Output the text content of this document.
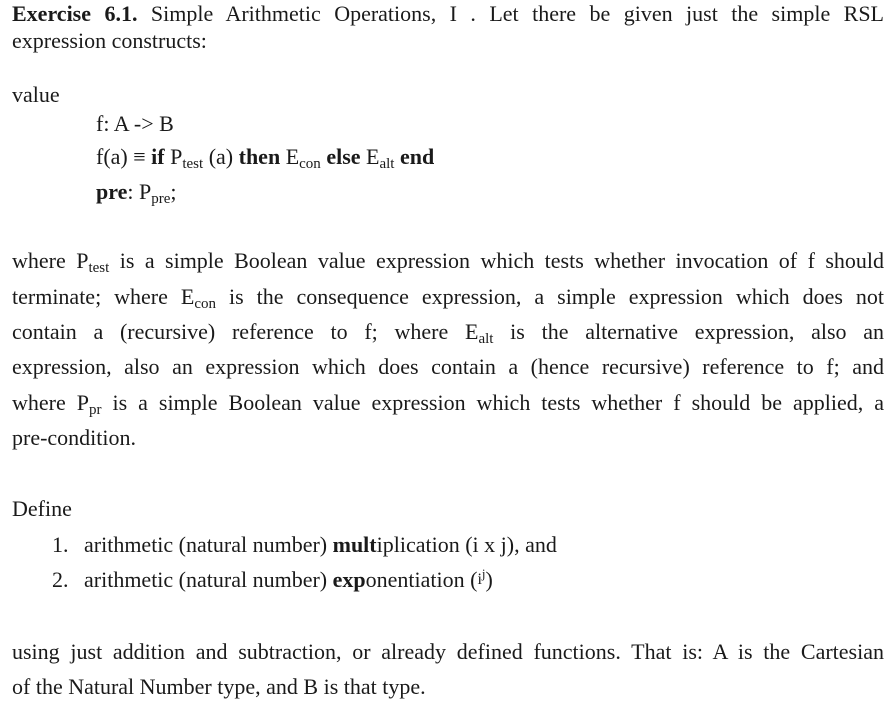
Exercise 6.1. Simple Arithmetic Operations, I . Let there be given just the simple RSL
expression constructs:
value
f: A -> B
f(a) ≡ if $P_{test}$ (a) then $E_{con}$ else $E_{alt}$ end
pre: $P_{pre}$;
where $P_{test}$ is a simple Boolean value expression which tests whether invocation of f should
terminate; where $E_{con}$ is the consequence expression, a simple expression which does not
contain a (recursive) reference to f; where $E_{alt}$ is the alternative expression, also an
expression, also an expression which does contain a (hence recursive) reference to f; and
where $P_{pr}$ is a simple Boolean value expression which tests whether f should be applied, a
pre-condition.
Define
1. arithmetic (natural number) multiplication (i x j), and
2. arithmetic (natural number) exponentiation $(i^j)$
using just addition and subtraction, or already defined functions. That is: A is the Cartesian
of the Natural Number type, and B is that type.
